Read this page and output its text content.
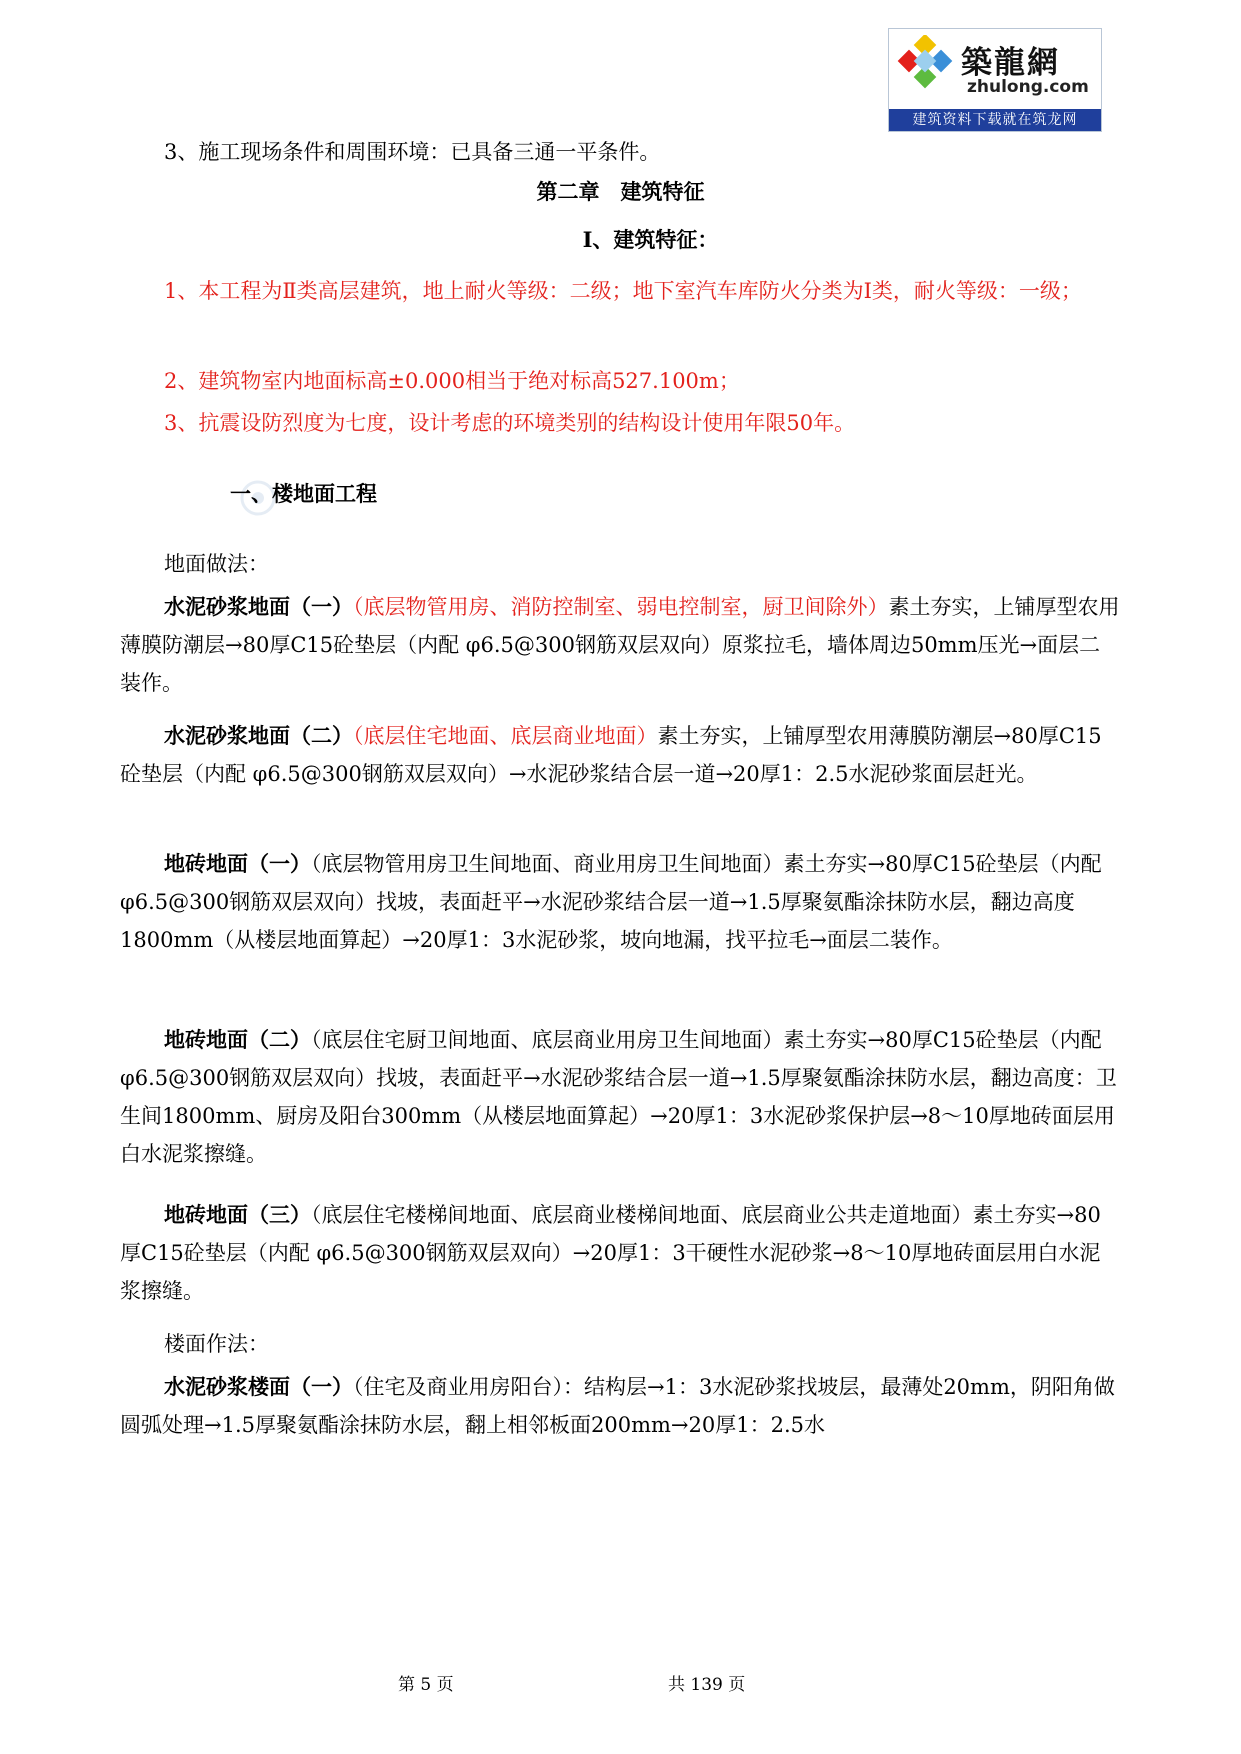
築龍網
zhulong.com
建筑资料下载就在筑龙网
3、施工现场条件和周围环境：已具备三通一平条件。
第二章　建筑特征
Ⅰ、建筑特征：
1、本工程为Ⅱ类高层建筑，地上耐火等级：二级；地下室汽车库防火分类为Ⅰ类，耐火等级：一级；
2、建筑物室内地面标高±0.000相当于绝对标高527.100m；
3、抗震设防烈度为七度，设计考虑的环境类别的结构设计使用年限50年。
一、楼地面工程
地面做法：
水泥砂浆地面（一）（底层物管用房、消防控制室、弱电控制室，厨卫间除外）素土夯实，上铺厚型农用薄膜防潮层→80厚C15砼垫层（内配 φ6.5@300钢筋双层双向）原浆拉毛，墙体周边50mm压光→面层二装作。
水泥砂浆地面（二）（底层住宅地面、底层商业地面）素土夯实，上铺厚型农用薄膜防潮层→80厚C15砼垫层（内配 φ6.5@300钢筋双层双向）→水泥砂浆结合层一道→20厚1：2.5水泥砂浆面层赶光。
地砖地面（一）（底层物管用房卫生间地面、商业用房卫生间地面）素土夯实→80厚C15砼垫层（内配 φ6.5@300钢筋双层双向）找坡，表面赶平→水泥砂浆结合层一道→1.5厚聚氨酯涂抹防水层，翻边高度1800mm（从楼层地面算起）→20厚1：3水泥砂浆，坡向地漏，找平拉毛→面层二装作。
地砖地面（二）（底层住宅厨卫间地面、底层商业用房卫生间地面）素土夯实→80厚C15砼垫层（内配 φ6.5@300钢筋双层双向）找坡，表面赶平→水泥砂浆结合层一道→1.5厚聚氨酯涂抹防水层，翻边高度：卫生间1800mm、厨房及阳台300mm（从楼层地面算起）→20厚1：3水泥砂浆保护层→8～10厚地砖面层用白水泥浆擦缝。
地砖地面（三）（底层住宅楼梯间地面、底层商业楼梯间地面、底层商业公共走道地面）素土夯实→80厚C15砼垫层（内配 φ6.5@300钢筋双层双向）→20厚1：3干硬性水泥砂浆→8～10厚地砖面层用白水泥浆擦缝。
楼面作法：
水泥砂浆楼面（一）（住宅及商业用房阳台）：结构层→1：3水泥砂浆找坡层，最薄处20mm，阴阳角做圆弧处理→1.5厚聚氨酯涂抹防水层，翻上相邻板面200mm→20厚1：2.5水
第 5 页	共 139 页
